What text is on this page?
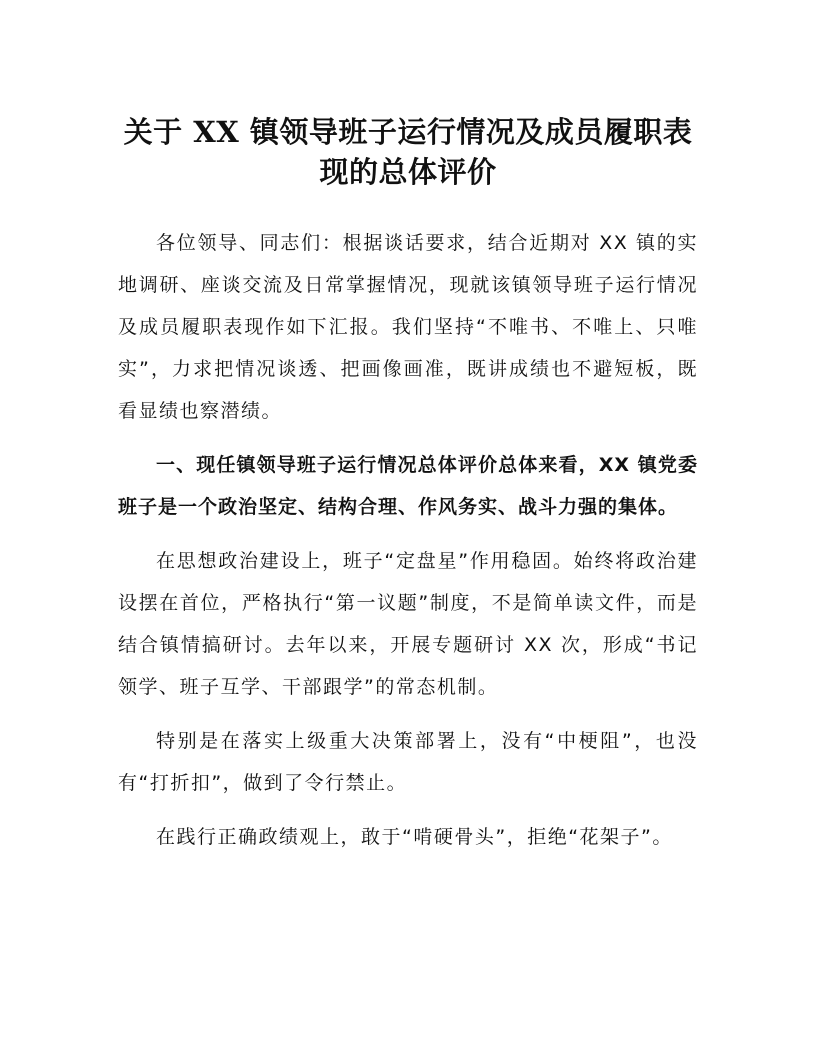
关于 XX 镇领导班子运行情况及成员履职表现的总体评价

各位领导、同志们：根据谈话要求，结合近期对 XX 镇的实地调研、座谈交流及日常掌握情况，现就该镇领导班子运行情况及成员履职表现作如下汇报。我们坚持“不唯书、不唯上、只唯实”，力求把情况谈透、把画像画准，既讲成绩也不避短板，既看显绩也察潜绩。

一、现任镇领导班子运行情况总体评价总体来看，XX 镇党委班子是一个政治坚定、结构合理、作风务实、战斗力强的集体。

在思想政治建设上，班子“定盘星”作用稳固。始终将政治建设摆在首位，严格执行“第一议题”制度，不是简单读文件，而是结合镇情搞研讨。去年以来，开展专题研讨 XX 次，形成“书记领学、班子互学、干部跟学”的常态机制。

特别是在落实上级重大决策部署上，没有“中梗阻”，也没有“打折扣”，做到了令行禁止。

在践行正确政绩观上，敢于“啃硬骨头”，拒绝“花架子”。
